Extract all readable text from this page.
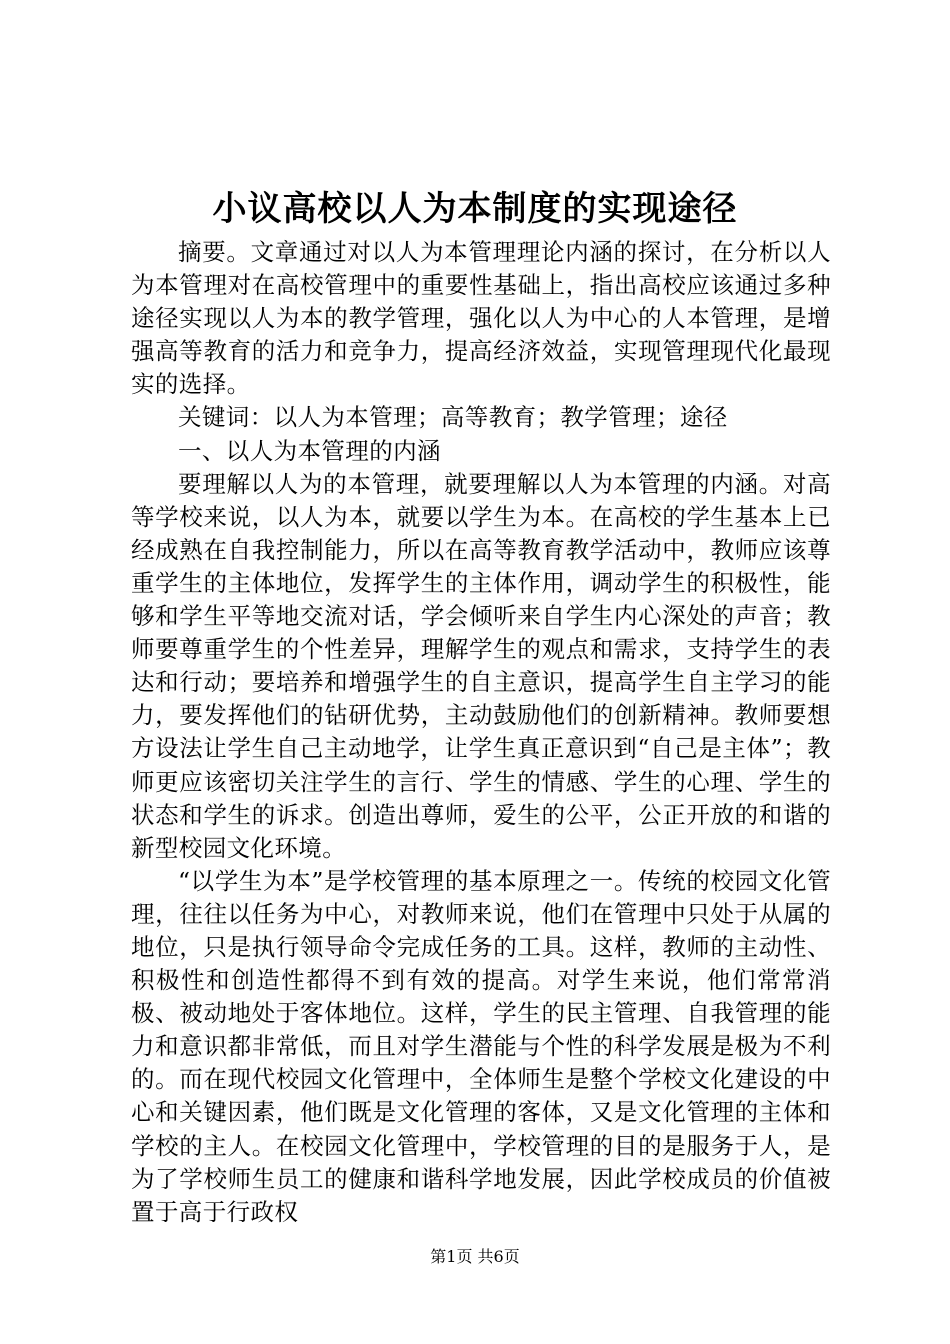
小议高校以人为本制度的实现途径

摘要。文章通过对以人为本管理理论内涵的探讨，在分析以人为本管理对在高校管理中的重要性基础上，指出高校应该通过多种途径实现以人为本的教学管理，强化以人为中心的人本管理，是增强高等教育的活力和竞争力，提高经济效益，实现管理现代化最现实的选择。

关键词：以人为本管理；高等教育；教学管理；途径

一、以人为本管理的内涵

要理解以人为的本管理，就要理解以人为本管理的内涵。对高等学校来说，以人为本，就要以学生为本。在高校的学生基本上已经成熟在自我控制能力，所以在高等教育教学活动中，教师应该尊重学生的主体地位，发挥学生的主体作用，调动学生的积极性，能够和学生平等地交流对话，学会倾听来自学生内心深处的声音；教师要尊重学生的个性差异，理解学生的观点和需求，支持学生的表达和行动；要培养和增强学生的自主意识，提高学生自主学习的能力，要发挥他们的钻研优势，主动鼓励他们的创新精神。教师要想方设法让学生自己主动地学，让学生真正意识到“自己是主体”；教师更应该密切关注学生的言行、学生的情感、学生的心理、学生的状态和学生的诉求。创造出尊师，爱生的公平，公正开放的和谐的新型校园文化环境。

“以学生为本”是学校管理的基本原理之一。传统的校园文化管理，往往以任务为中心，对教师来说，他们在管理中只处于从属的地位，只是执行领导命令完成任务的工具。这样，教师的主动性、积极性和创造性都得不到有效的提高。对学生来说，他们常常消极、被动地处于客体地位。这样，学生的民主管理、自我管理的能力和意识都非常低，而且对学生潜能与个性的科学发展是极为不利的。而在现代校园文化管理中，全体师生是整个学校文化建设的中心和关键因素，他们既是文化管理的客体，又是文化管理的主体和学校的主人。在校园文化管理中，学校管理的目的是服务于人，是为了学校师生员工的健康和谐科学地发展，因此学校成员的价值被置于高于行政权

第1页 共6页
